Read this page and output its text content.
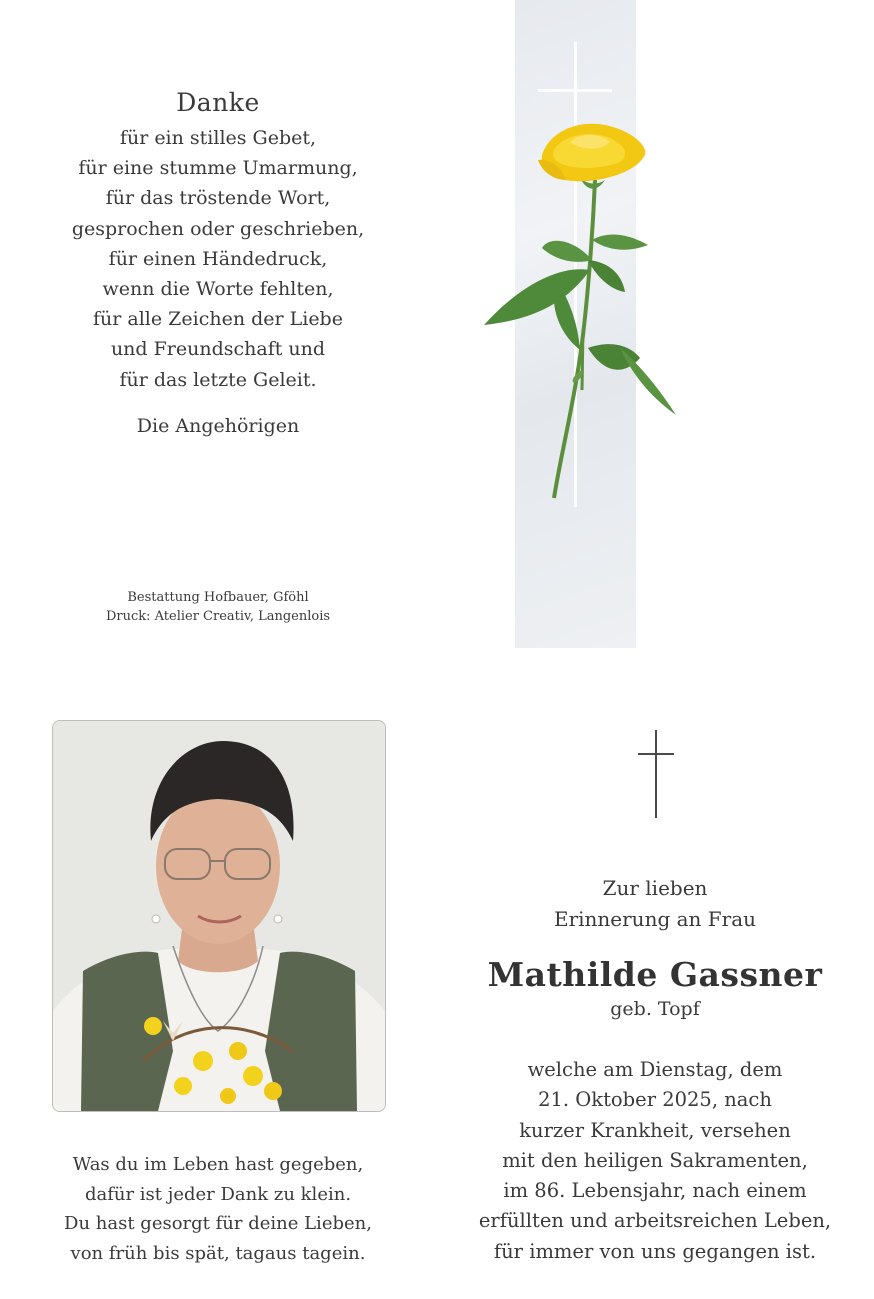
Danke
für ein stilles Gebet,
für eine stumme Umarmung,
für das tröstende Wort,
gesprochen oder geschrieben,
für einen Händedruck,
wenn die Worte fehlten,
für alle Zeichen der Liebe
und Freundschaft und
für das letzte Geleit.
Die Angehörigen
Bestattung Hofbauer, Gföhl
Druck: Atelier Creativ, Langenlois
Was du im Leben hast gegeben,
dafür ist jeder Dank zu klein.
Du hast gesorgt für deine Lieben,
von früh bis spät, tagaus tagein.
Zur lieben
Erinnerung an Frau
Mathilde Gassner
geb. Topf
welche am Dienstag, dem
21. Oktober 2025, nach
kurzer Krankheit, versehen
mit den heiligen Sakramenten,
im 86. Lebensjahr, nach einem
erfüllten und arbeitsreichen Leben,
für immer von uns gegangen ist.
